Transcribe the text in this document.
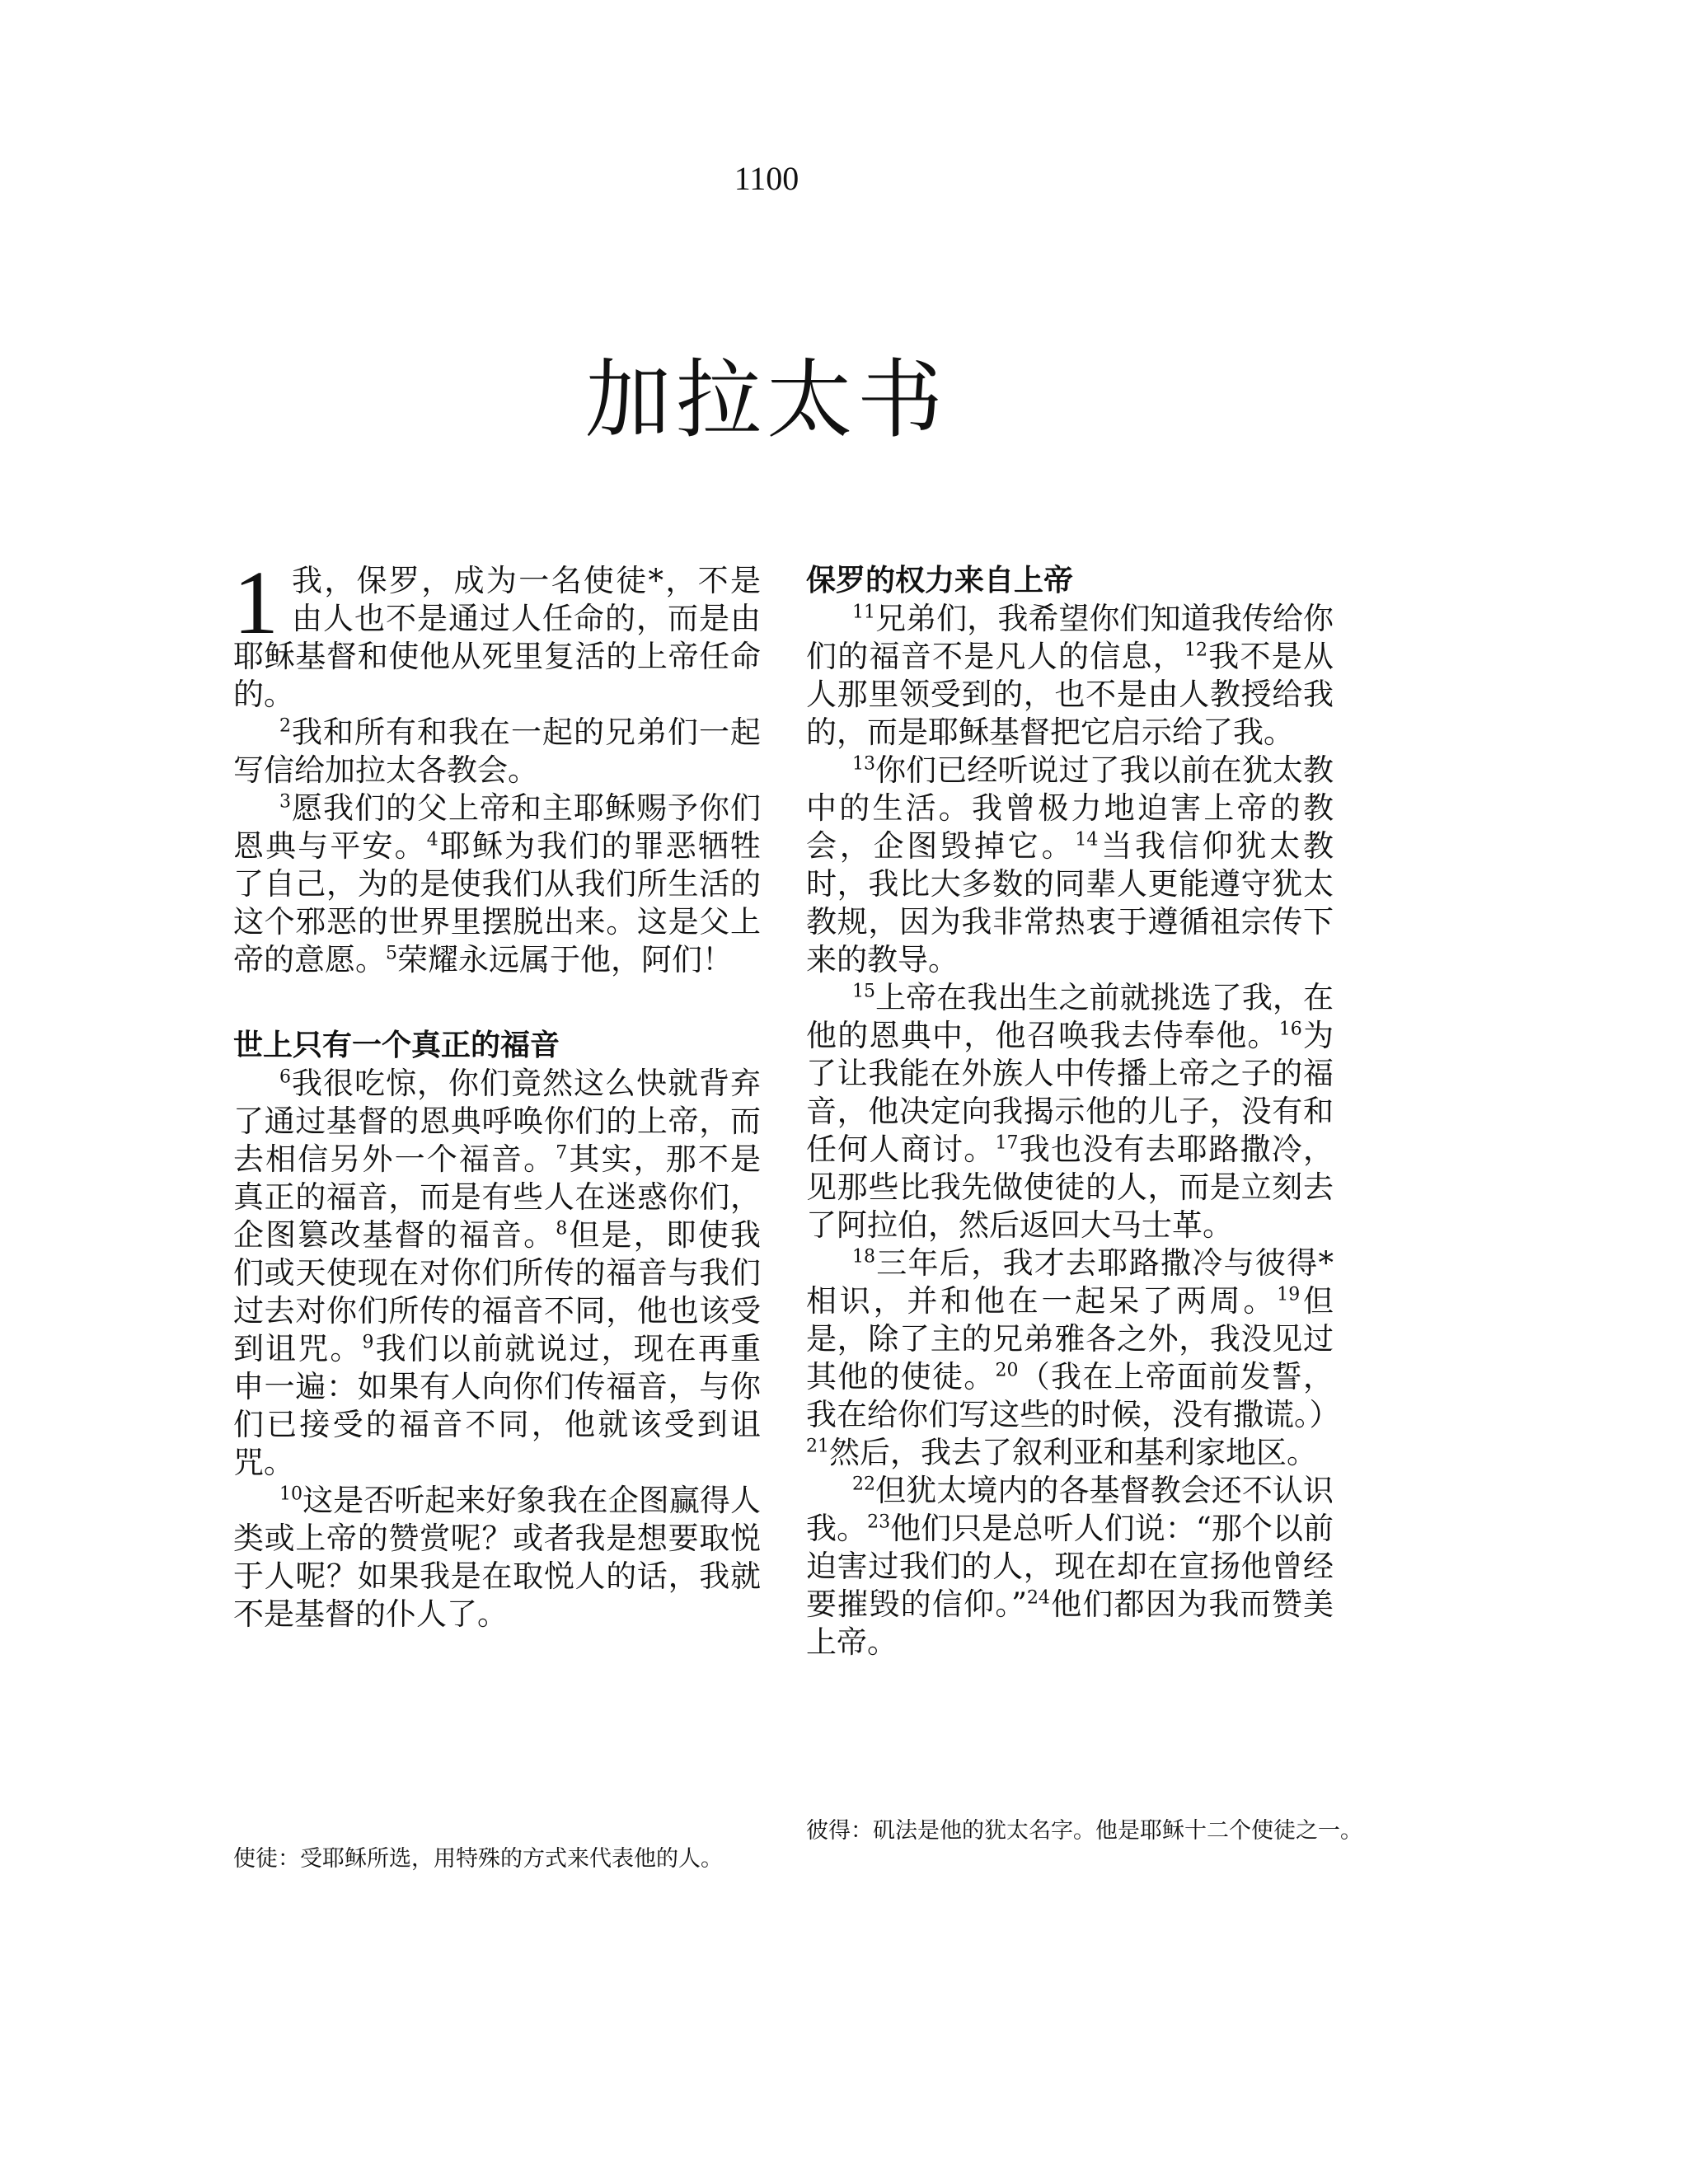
1100
加拉太书

1 我，保罗，成为一名使徒*，不是由人也不是通过人任命的，而是由耶稣基督和使他从死里复活的上帝任命的。

$^2$我和所有和我在一起的兄弟们一起写信给加拉太各教会。

$^3$愿我们的父上帝和主耶稣赐予你们恩典与平安。$^4$耶稣为我们的罪恶牺牲了自己，为的是使我们从我们所生活的这个邪恶的世界里摆脱出来。这是父上帝的意愿。$^5$荣耀永远属于他，阿们！

世上只有一个真正的福音

$^6$我很吃惊，你们竟然这么快就背弃了通过基督的恩典呼唤你们的上帝，而去相信另外一个福音。$^7$其实，那不是真正的福音，而是有些人在迷惑你们，企图篡改基督的福音。$^8$但是，即使我们或天使现在对你们所传的福音与我们过去对你们所传的福音不同，他也该受到诅咒。$^9$我们以前就说过，现在再重申一遍：如果有人向你们传福音，与你们已接受的福音不同，他就该受到诅咒。

$^{10}$这是否听起来好象我在企图赢得人类或上帝的赞赏呢？或者我是想要取悦于人呢？如果我是在取悦人的话，我就不是基督的仆人了。

保罗的权力来自上帝

$^{11}$兄弟们，我希望你们知道我传给你们的福音不是凡人的信息，$^{12}$我不是从人那里领受到的，也不是由人教授给我的，而是耶稣基督把它启示给了我。

$^{13}$你们已经听说过了我以前在犹太教中的生活。我曾极力地迫害上帝的教会，企图毁掉它。$^{14}$当我信仰犹太教时，我比大多数的同辈人更能遵守犹太教规，因为我非常热衷于遵循祖宗传下来的教导。

$^{15}$上帝在我出生之前就挑选了我，在他的恩典中，他召唤我去侍奉他。$^{16}$为了让我能在外族人中传播上帝之子的福音，他决定向我揭示他的儿子，没有和任何人商讨。$^{17}$我也没有去耶路撒冷，见那些比我先做使徒的人，而是立刻去了阿拉伯，然后返回大马士革。

$^{18}$三年后，我才去耶路撒冷与彼得*相识，并和他在一起呆了两周。$^{19}$但是，除了主的兄弟雅各之外，我没见过其他的使徒。$^{20}$（我在上帝面前发誓，我在给你们写这些的时候，没有撒谎。）$^{21}$然后，我去了叙利亚和基利家地区。

$^{22}$但犹太境内的各基督教会还不认识我。$^{23}$他们只是总听人们说：“那个以前迫害过我们的人，现在却在宣扬他曾经要摧毁的信仰。”$^{24}$他们都因为我而赞美上帝。

使徒：受耶稣所选，用特殊的方式来代表他的人。
彼得：矶法是他的犹太名字。他是耶稣十二个使徒之一。
